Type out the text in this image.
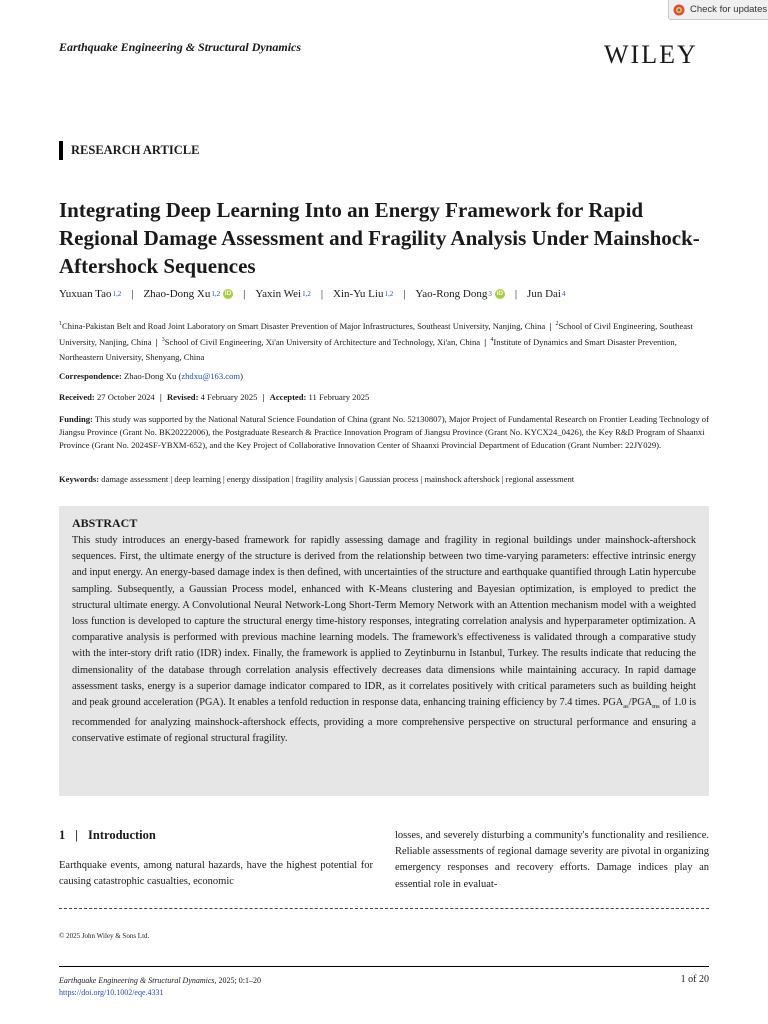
Check for updates
Earthquake Engineering & Structural Dynamics	WILEY
RESEARCH ARTICLE
Integrating Deep Learning Into an Energy Framework for Rapid Regional Damage Assessment and Fragility Analysis Under Mainshock-Aftershock Sequences
Yuxuan Tao 1,2 | Zhao-Dong Xu 1,2 iD | Yaxin Wei 1,2 | Xin-Yu Liu 1,2 | Yao-Rong Dong 3 iD | Jun Dai 4
$^1$China-Pakistan Belt and Road Joint Laboratory on Smart Disaster Prevention of Major Infrastructures, Southeast University, Nanjing, China | $^2$School of Civil Engineering, Southeast University, Nanjing, China | $^3$School of Civil Engineering, Xi'an University of Architecture and Technology, Xi'an, China | $^4$Institute of Dynamics and Smart Disaster Prevention, Northeastern University, Shenyang, China
Correspondence: Zhao-Dong Xu (zhdxu@163.com)
Received: 27 October 2024 | Revised: 4 February 2025 | Accepted: 11 February 2025
Funding: This study was supported by the National Natural Science Foundation of China (grant No. 52130807), Major Project of Fundamental Research on Frontier Leading Technology of Jiangsu Province (Grant No. BK20222006), the Postgraduate Research & Practice Innovation Program of Jiangsu Province (Grant No. KYCX24_0426), the Key R&D Program of Shaanxi Province (Grant No. 2024SF-YBXM-652), and the Key Project of Collaborative Innovation Center of Shaanxi Provincial Department of Education (Grant Number: 22JY029).
Keywords: damage assessment | deep learning | energy dissipation | fragility analysis | Gaussian process | mainshock aftershock | regional assessment
ABSTRACT

This study introduces an energy-based framework for rapidly assessing damage and fragility in regional buildings under mainshock-aftershock sequences. First, the ultimate energy of the structure is derived from the relationship between two time-varying parameters: effective intrinsic energy and input energy. An energy-based damage index is then defined, with uncertainties of the structure and earthquake quantified through Latin hypercube sampling. Subsequently, a Gaussian Process model, enhanced with K-Means clustering and Bayesian optimization, is employed to predict the structural ultimate energy. A Convolutional Neural Network-Long Short-Term Memory Network with an Attention mechanism model with a weighted loss function is developed to capture the structural energy time-history responses, integrating correlation analysis and hyperparameter optimization. A comparative analysis is performed with previous machine learning models. The framework's effectiveness is validated through a comparative study with the inter-story drift ratio (IDR) index. Finally, the framework is applied to Zeytinburnu in Istanbul, Turkey. The results indicate that reducing the dimensionality of the database through correlation analysis effectively decreases data dimensions while maintaining accuracy. In rapid damage assessment tasks, energy is a superior damage indicator compared to IDR, as it correlates positively with critical parameters such as building height and peak ground acceleration (PGA). It enables a tenfold reduction in response data, enhancing training efficiency by 7.4 times. $PGA_{as}/PGA_{ms}$ of 1.0 is recommended for analyzing mainshock-aftershock effects, providing a more comprehensive perspective on structural performance and ensuring a conservative estimate of regional structural fragility.

1 | Introduction

Earthquake events, among natural hazards, have the highest potential for causing catastrophic casualties, economic

losses, and severely disturbing a community's functionality and resilience. Reliable assessments of regional damage severity are pivotal in organizing emergency responses and recovery efforts. Damage indices play an essential role in evaluat-

© 2025 John Wiley & Sons Ltd.
Earthquake Engineering & Structural Dynamics, 2025; 0:1–20
https://doi.org/10.1002/eqe.4331
1 of 20
